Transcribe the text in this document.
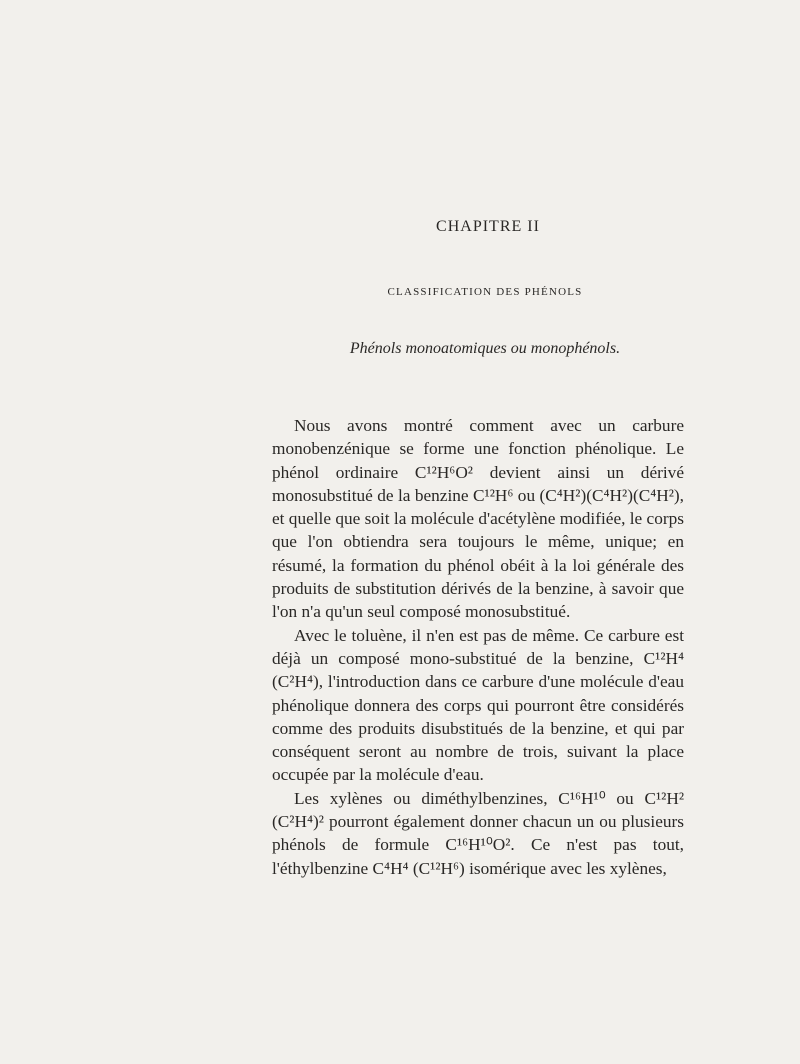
CHAPITRE II
CLASSIFICATION DES PHÉNOLS
Phénols monoatomiques ou monophénols.

Nous avons montré comment avec un carbure monobenzénique se forme une fonction phénolique. Le phénol ordinaire C¹²H⁶O² devient ainsi un dérivé monosubstitué de la benzine C¹²H⁶ ou (C⁴H²)(C⁴H²)(C⁴H²), et quelle que soit la molécule d'acétylène modifiée, le corps que l'on obtiendra sera toujours le même, unique; en résumé, la formation du phénol obéit à la loi générale des produits de substitution dérivés de la benzine, à savoir que l'on n'a qu'un seul composé monosubstitué.

Avec le toluène, il n'en est pas de même. Ce carbure est déjà un composé mono-substitué de la benzine, C¹²H⁴ (C²H⁴), l'introduction dans ce carbure d'une molécule d'eau phénolique donnera des corps qui pourront être considérés comme des produits disubstitués de la benzine, et qui par conséquent seront au nombre de trois, suivant la place occupée par la molécule d'eau.

Les xylènes ou diméthylbenzines, C¹⁶H¹⁰ ou C¹²H² (C²H⁴)² pourront également donner chacun un ou plusieurs phénols de formule C¹⁶H¹⁰O². Ce n'est pas tout, l'éthylbenzine C⁴H⁴ (C¹²H⁶) isomérique avec les xylènes,
